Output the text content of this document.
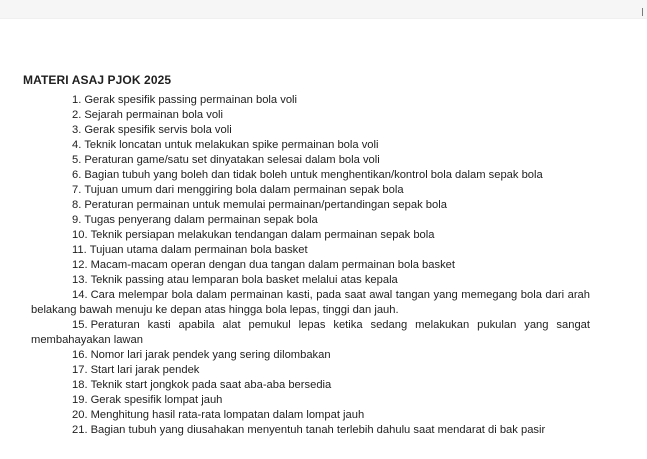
MATERI ASAJ PJOK 2025
1. Gerak spesifik passing permainan bola voli
2. Sejarah permainan bola voli
3. Gerak spesifik servis bola voli
4. Teknik loncatan untuk melakukan spike permainan bola voli
5. Peraturan game/satu set dinyatakan selesai dalam bola voli
6. Bagian tubuh yang boleh dan tidak boleh untuk menghentikan/kontrol bola dalam sepak bola
7. Tujuan umum dari menggiring bola dalam permainan sepak bola
8. Peraturan permainan untuk memulai permainan/pertandingan sepak bola
9. Tugas penyerang dalam permainan sepak bola
10. Teknik persiapan melakukan tendangan dalam permainan sepak bola
11. Tujuan utama dalam permainan bola basket
12. Macam-macam operan dengan dua tangan dalam permainan bola basket
13. Teknik passing atau lemparan bola basket melalui atas kepala
14. Cara melempar bola dalam permainan kasti, pada saat awal tangan yang memegang bola dari arah belakang bawah menuju ke depan atas hingga bola lepas, tinggi dan jauh.
15. Peraturan kasti apabila alat pemukul lepas ketika sedang melakukan pukulan yang sangat membahayakan lawan
16. Nomor lari jarak pendek yang sering dilombakan
17. Start lari jarak pendek
18. Teknik start jongkok pada saat aba-aba bersedia
19. Gerak spesifik lompat jauh
20. Menghitung hasil rata-rata lompatan dalam lompat jauh
21. Bagian tubuh yang diusahakan menyentuh tanah terlebih dahulu saat mendarat di bak pasir
